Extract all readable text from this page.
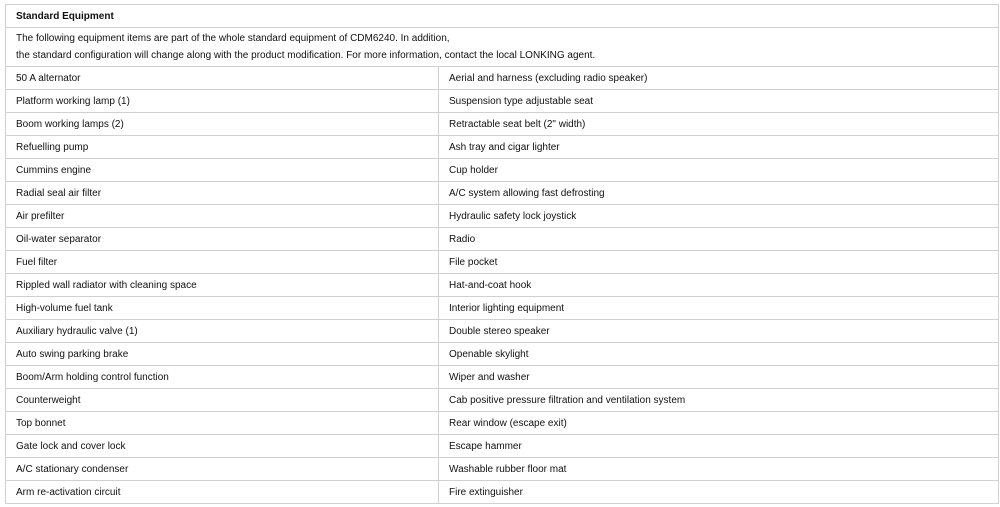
Standard Equipment	

The following equipment items are part of the whole standard equipment of CDM6240. In addition,
the standard configuration will change along with the product modification. For more information, contact the local LONKING agent.	

50 A alternator	Aerial and harness (excluding radio speaker)
Platform working lamp (1)	Suspension type adjustable seat
Boom working lamps (2)	Retractable seat belt (2" width)
Refuelling pump	Ash tray and cigar lighter
Cummins engine	Cup holder
Radial seal air filter	A/C system allowing fast defrosting
Air prefilter	Hydraulic safety lock joystick
Oil-water separator	Radio
Fuel filter	File pocket
Rippled wall radiator with cleaning space	Hat-and-coat hook
High-volume fuel tank	Interior lighting equipment
Auxiliary hydraulic valve (1)	Double stereo speaker
Auto swing parking brake	Openable skylight
Boom/Arm holding control function	Wiper and washer
Counterweight	Cab positive pressure filtration and ventilation system
Top bonnet	Rear window (escape exit)
Gate lock and cover lock	Escape hammer
A/C stationary condenser	Washable rubber floor mat
Arm re-activation circuit	Fire extinguisher
